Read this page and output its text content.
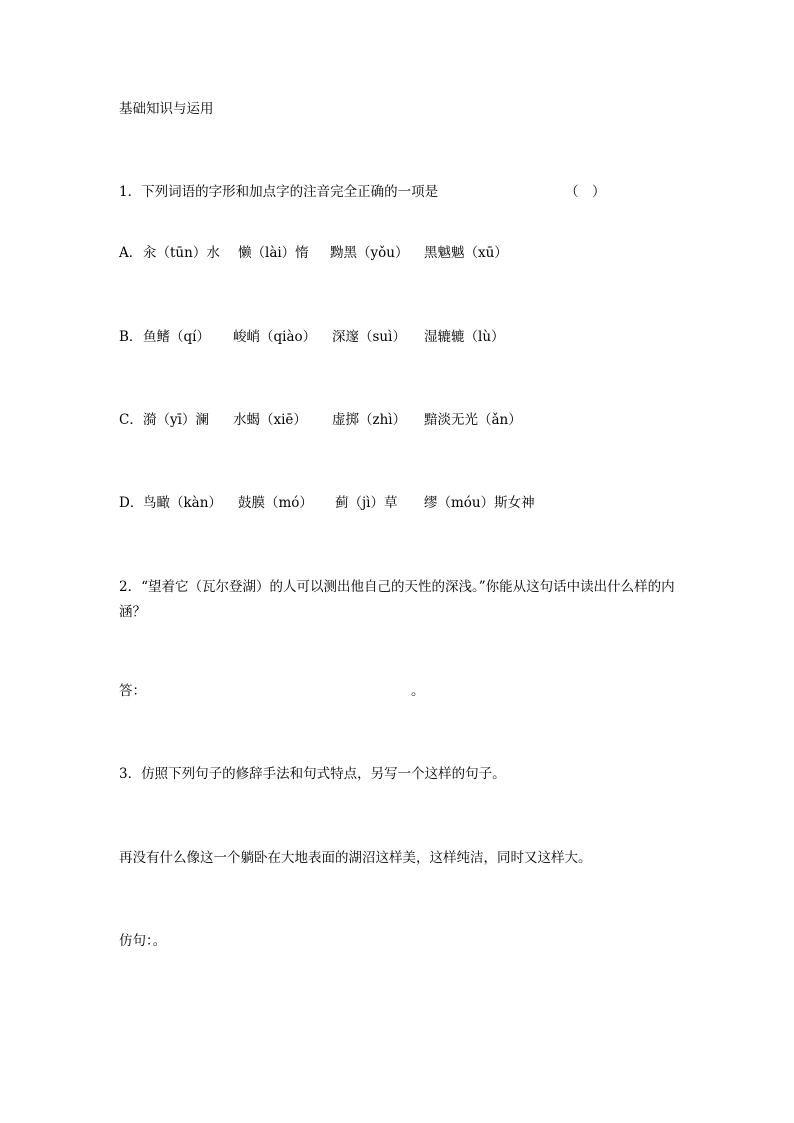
基础知识与运用
1．下列词语的字形和加点字的注音完全正确的一项是	（　）
A． 汆（tūn）水 懒（lài）惰 黝黑（yǒu） 黑魆魆（xū）
B． 鱼鳍（qí） 峻峭（qiào） 深邃（suì） 湿辘辘（lù）
C． 漪（yī）澜 水蝎（xiē） 虚掷（zhì） 黯淡无光（ǎn）
D． 鸟瞰（kàn） 鼓膜（mó） 蓟（jì）草 缪（móu）斯女神
2．“望着它（瓦尔登湖）的人可以测出他自己的天性的深浅。”你能从这句话中读出什么样的内涵？
答：	。
3．仿照下列句子的修辞手法和句式特点，另写一个这样的句子。
再没有什么像这一个躺卧在大地表面的湖沼这样美，这样纯洁，同时又这样大。
仿句：。
